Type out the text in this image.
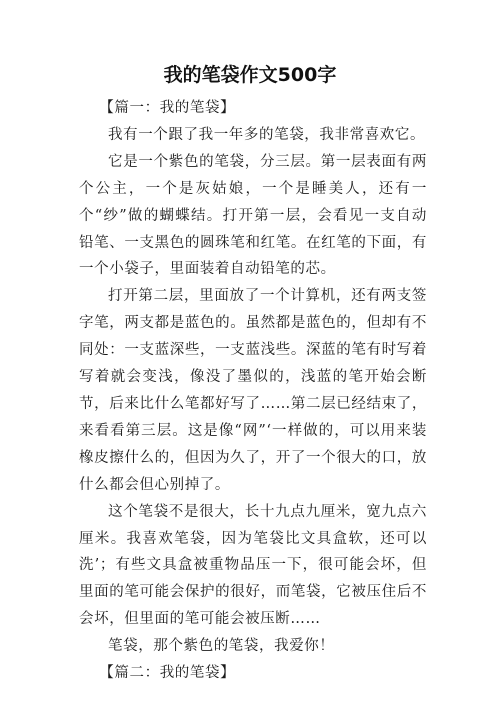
我的笔袋作文500字

【篇一：我的笔袋】

我有一个跟了我一年多的笔袋，我非常喜欢它。

它是一个紫色的笔袋，分三层。第一层表面有两个公主，一个是灰姑娘，一个是睡美人，还有一个“纱”做的蝴蝶结。打开第一层，会看见一支自动铅笔、一支黑色的圆珠笔和红笔。在红笔的下面，有一个小袋子，里面装着自动铅笔的芯。

打开第二层，里面放了一个计算机，还有两支签字笔，两支都是蓝色的。虽然都是蓝色的，但却有不同处：一支蓝深些，一支蓝浅些。深蓝的笔有时写着写着就会变浅，像没了墨似的，浅蓝的笔开始会断节，后来比什么笔都好写了……第二层已经结束了，来看看第三层。这是像“网”‘一样做的，可以用来装橡皮擦什么的，但因为久了，开了一个很大的口，放什么都会但心别掉了。

这个笔袋不是很大，长十九点九厘米，宽九点六厘米。我喜欢笔袋，因为笔袋比文具盒软，还可以洗’；有些文具盒被重物品压一下，很可能会坏，但里面的笔可能会保护的很好，而笔袋，它被压住后不会坏，但里面的笔可能会被压断……

笔袋，那个紫色的笔袋，我爱你！

【篇二：我的笔袋】
